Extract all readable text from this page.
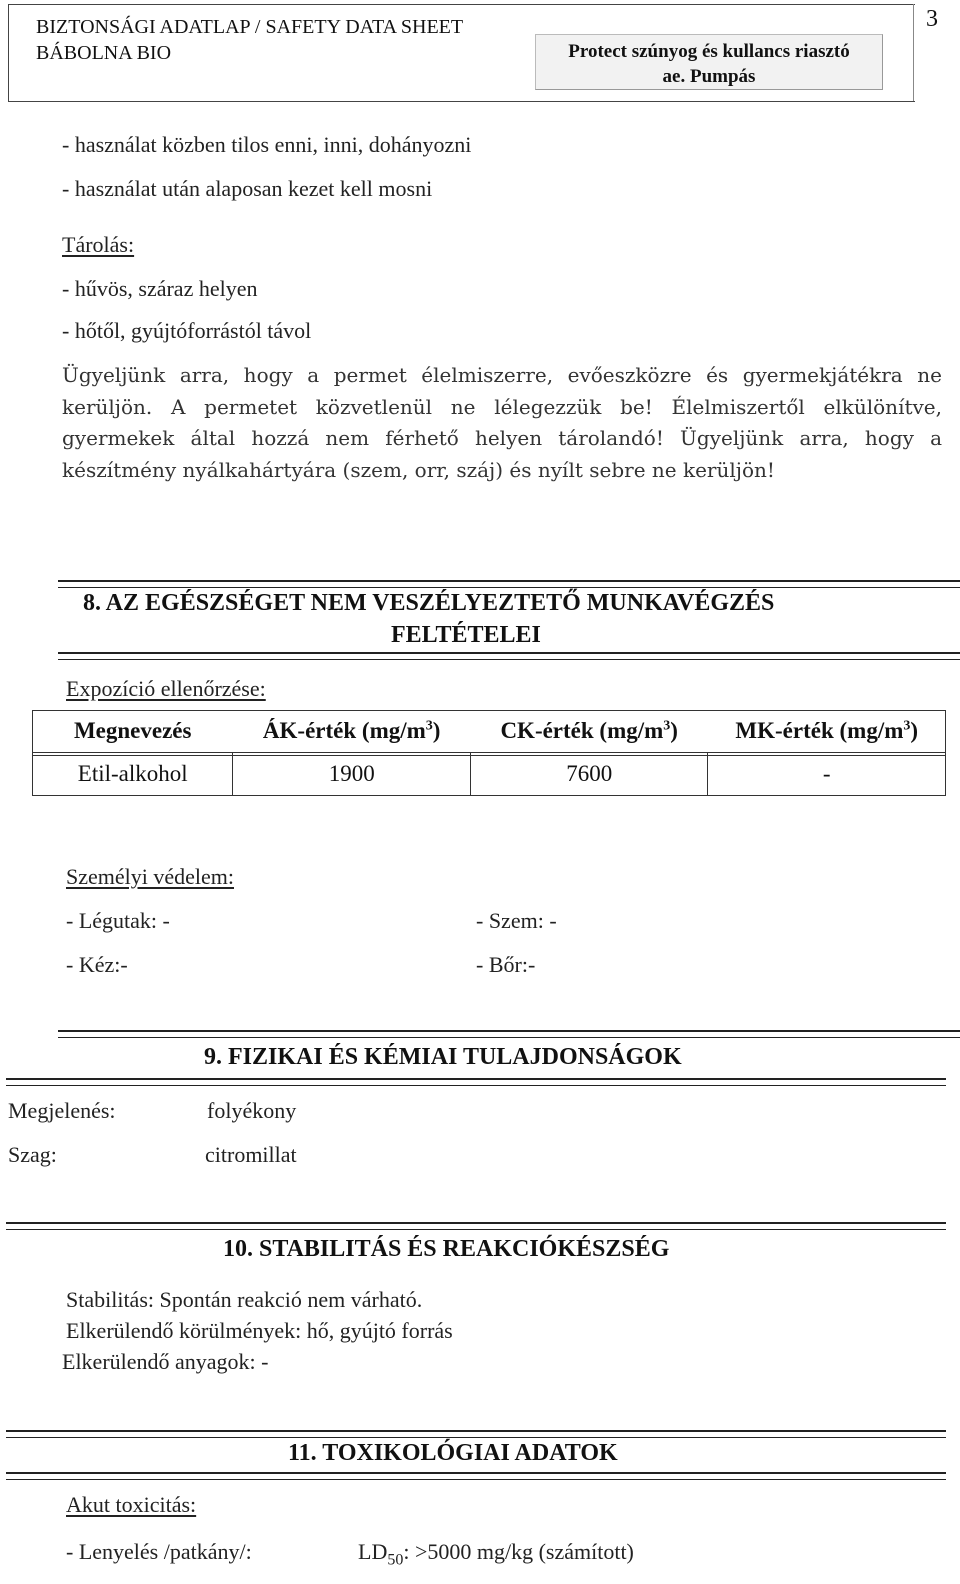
BIZTONSÁGI ADATLAP / SAFETY DATA SHEET
BÁBOLNA BIO	Protect szúnyog és kullancs riasztó
ae. Pumpás
3
- használat közben tilos enni, inni, dohányozni
- használat után alaposan kezet kell mosni
Tárolás:
- hűvös, száraz helyen
- hőtől, gyújtóforrástól távol
Ügyeljünk arra, hogy a permet élelmiszerre, evőeszközre és gyermekjátékra ne kerüljön. A permetet közvetlenül ne lélegezzük be! Élelmiszertől elkülönítve, gyermekek által hozzá nem férhető helyen tárolandó! Ügyeljünk arra, hogy a készítmény nyálkahártyára (szem, orr, száj) és nyílt sebre ne kerüljön!
8. AZ EGÉSZSÉGET NEM VESZÉLYEZTETŐ MUNKAVÉGZÉS
FELTÉTELEI
Expozíció ellenőrzése:
Megnevezés	ÁK-érték $(mg/m^3)$	CK-érték $(mg/m^3)$	MK-érték $(mg/m^3)$
Etil-alkohol	1900	7600	-
Személyi védelem:
- Légutak: -	- Szem: -
- Kéz:-	- Bőr:-
9. FIZIKAI ÉS KÉMIAI TULAJDONSÁGOK
Megjelenés:	folyékony
Szag:	citromillat
10. STABILITÁS ÉS REAKCIÓKÉSZSÉG
Stabilitás: Spontán reakció nem várható.
Elkerülendő körülmények: hő, gyújtó forrás
Elkerülendő anyagok: -
11. TOXIKOLÓGIAI ADATOK
Akut toxicitás:
- Lenyelés /patkány/:	$LD_{50}$: >5000 mg/kg (számított)
